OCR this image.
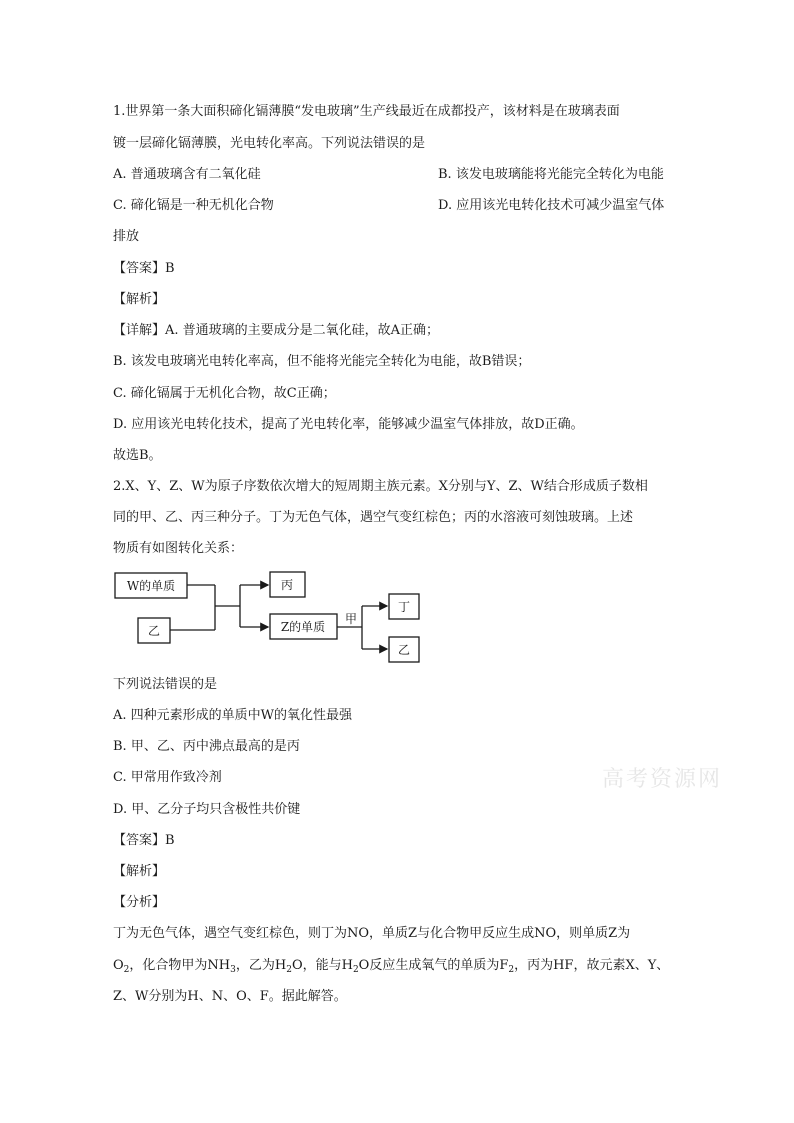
1.世界第一条大面积碲化镉薄膜“发电玻璃”生产线最近在成都投产，该材料是在玻璃表面
镀一层碲化镉薄膜，光电转化率高。下列说法错误的是
A. 普通玻璃含有二氧化硅	B. 该发电玻璃能将光能完全转化为电能
C. 碲化镉是一种无机化合物	D. 应用该光电转化技术可减少温室气体
排放
【答案】B
【解析】
【详解】A. 普通玻璃的主要成分是二氧化硅，故A正确；
B. 该发电玻璃光电转化率高，但不能将光能完全转化为电能，故B错误；
C. 碲化镉属于无机化合物，故C正确；
D. 应用该光电转化技术，提高了光电转化率，能够减少温室气体排放，故D正确。
故选B。
2.X、Y、Z、W为原子序数依次增大的短周期主族元素。X分别与Y、Z、W结合形成质子数相
同的甲、乙、丙三种分子。丁为无色气体，遇空气变红棕色；丙的水溶液可刻蚀玻璃。上述
物质有如图转化关系：
W的单质
乙
丙
Z的单质
甲
丁
乙
下列说法错误的是
A. 四种元素形成的单质中W的氧化性最强
B. 甲、乙、丙中沸点最高的是丙
C. 甲常用作致冷剂
D. 甲、乙分子均只含极性共价键
【答案】B
【解析】
【分析】
丁为无色气体，遇空气变红棕色，则丁为NO，单质Z与化合物甲反应生成NO，则单质Z为
$O_2$，化合物甲为$NH_3$，乙为$H_2O$，能与$H_2O$反应生成氧气的单质为$F_2$，丙为HF，故元素X、Y、
Z、W分别为H、N、O、F。据此解答。
高考资源网
